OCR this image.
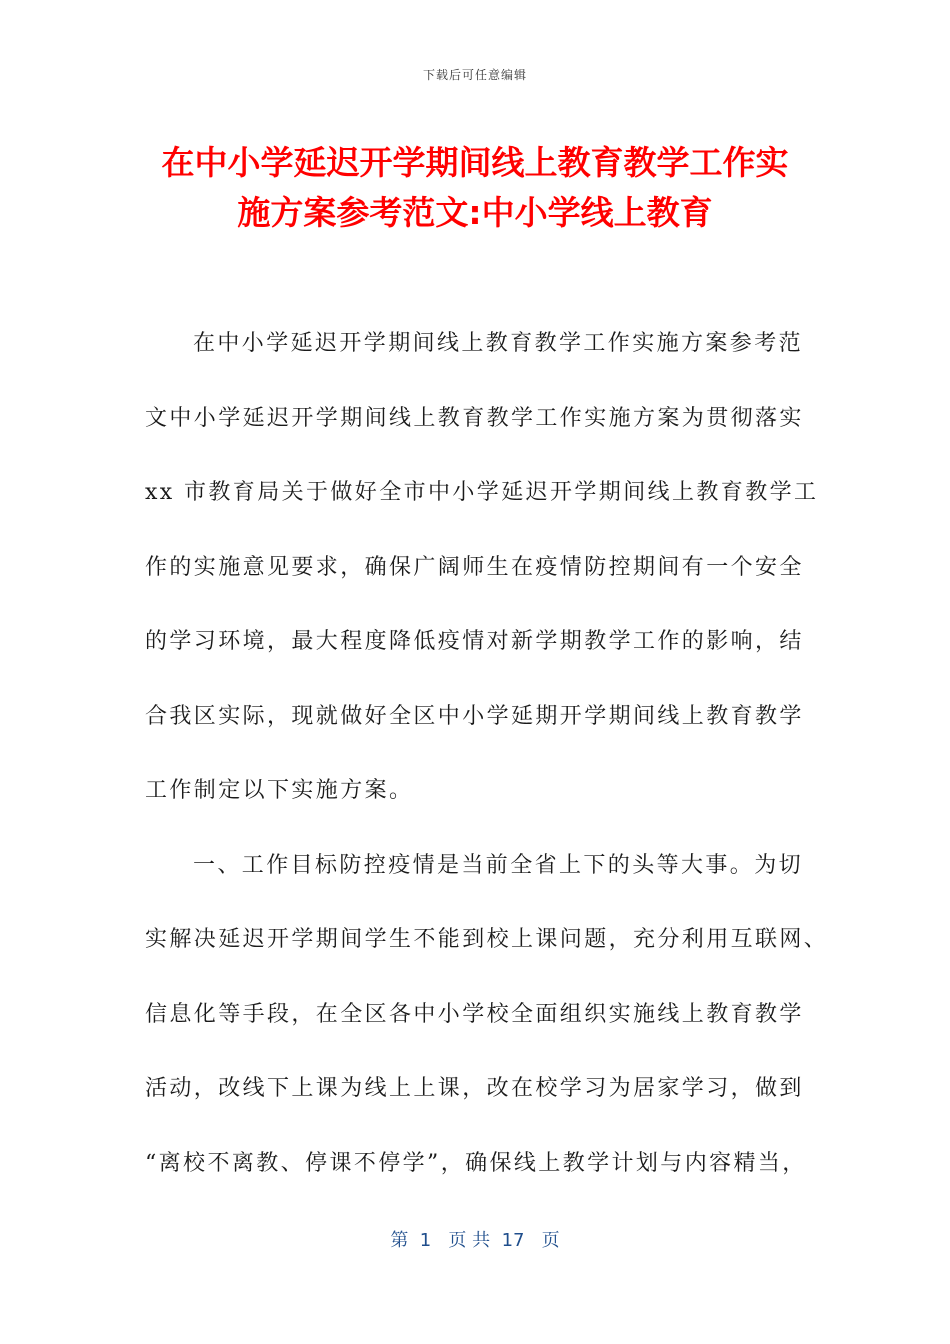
下载后可任意编辑
在中小学延迟开学期间线上教育教学工作实
施方案参考范文:中小学线上教育
在中小学延迟开学期间线上教育教学工作实施方案参考范
文中小学延迟开学期间线上教育教学工作实施方案为贯彻落实
xx 市教育局关于做好全市中小学延迟开学期间线上教育教学工
作的实施意见要求，确保广阔师生在疫情防控期间有一个安全
的学习环境，最大程度降低疫情对新学期教学工作的影响，结
合我区实际，现就做好全区中小学延期开学期间线上教育教学
工作制定以下实施方案。
一、工作目标防控疫情是当前全省上下的头等大事。为切
实解决延迟开学期间学生不能到校上课问题，充分利用互联网、
信息化等手段，在全区各中小学校全面组织实施线上教育教学
活动，改线下上课为线上上课，改在校学习为居家学习，做到
“离校不离教、停课不停学”，确保线上教学计划与内容精当，
第  1   页 共  17   页
